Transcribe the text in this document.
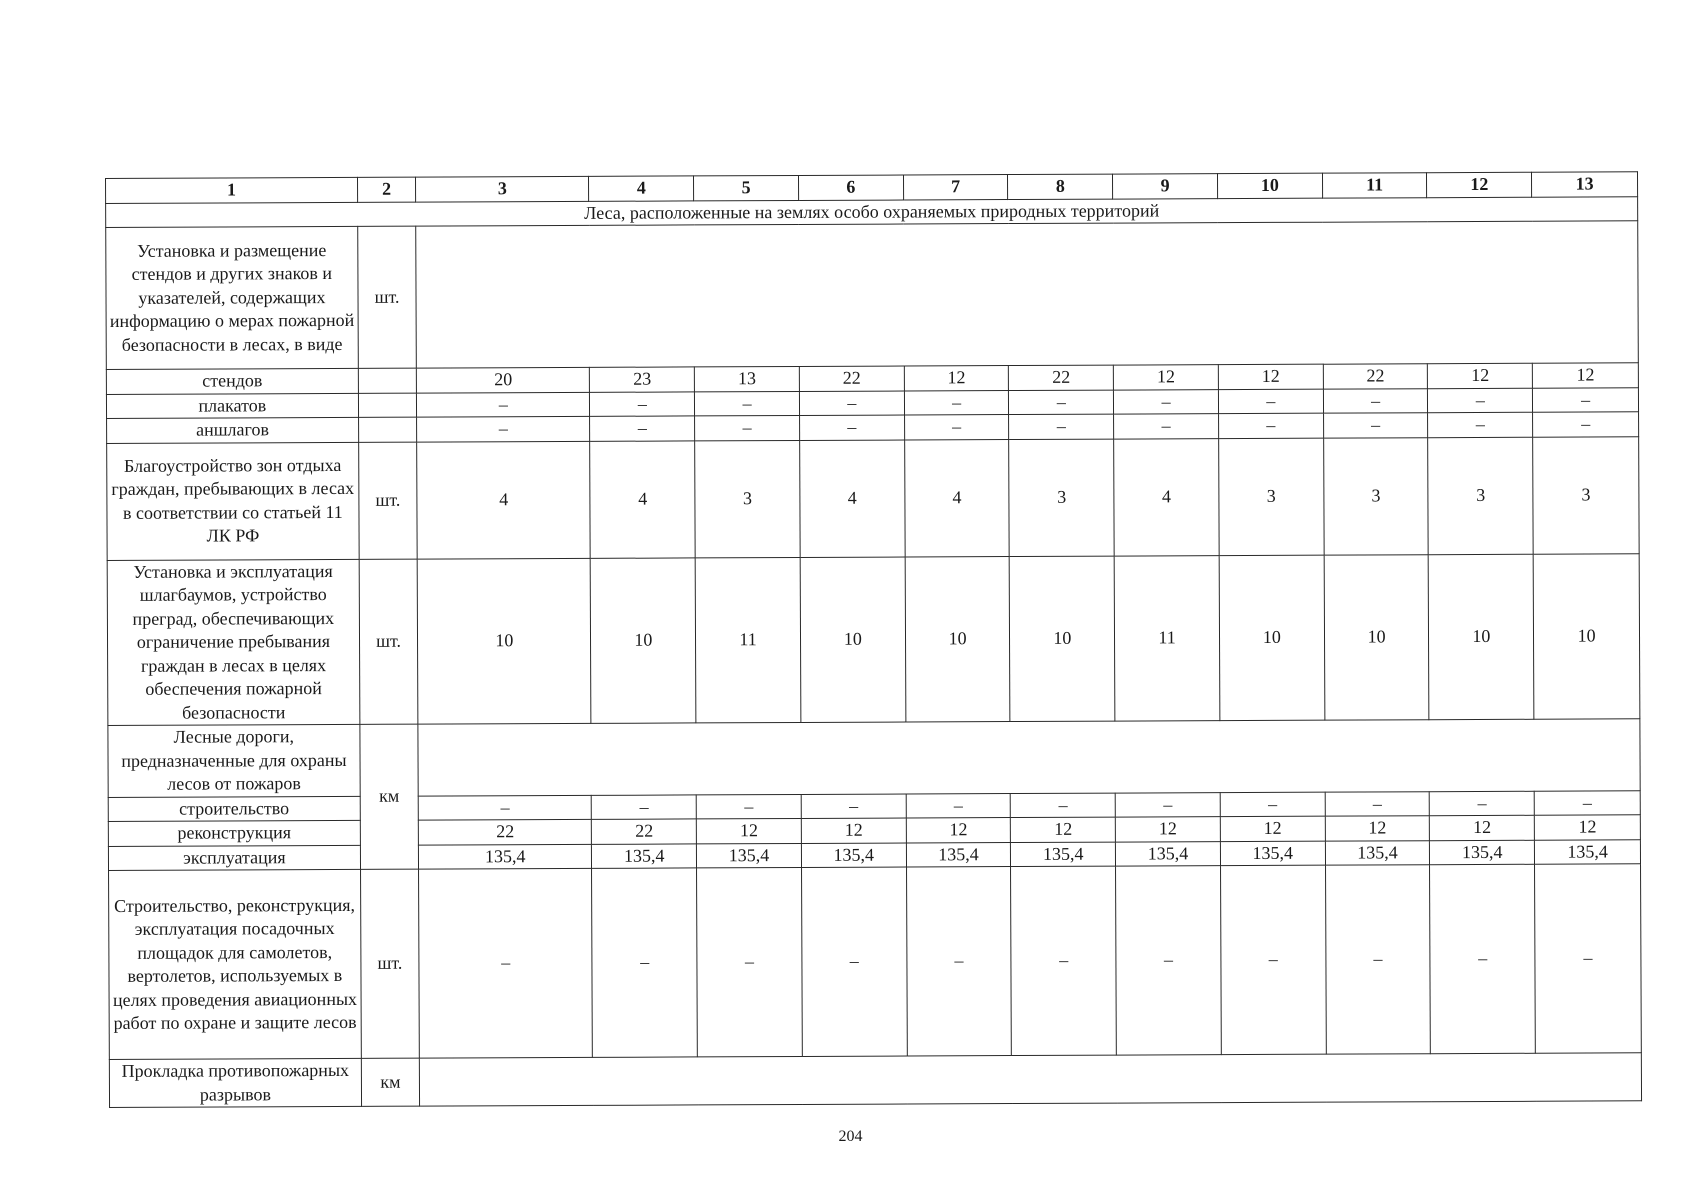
1	2	3	4	5	6	7	8	9	10	11	12	13
Леса, расположенные на землях особо охраняемых природных территорий												
Установка и размещение стендов и других знаков и указателей, содержащих информацию о мерах пожарной безопасности в лесах, в виде	шт.											
стендов		20	23	13	22	12	22	12	12	22	12	12
плакатов		–	–	–	–	–	–	–	–	–	–	–
аншлагов		–	–	–	–	–	–	–	–	–	–	–
Благоустройство зон отдыха граждан, пребывающих в лесах в соответствии со статьей 11 ЛК РФ	шт.	4	4	3	4	4	3	4	3	3	3	3
Установка и эксплуатация шлагбаумов, устройство преград, обеспечивающих ограничение пребывания граждан в лесах в целях обеспечения пожарной безопасности	шт.	10	10	11	10	10	10	11	10	10	10	10
Лесные дороги, предназначенные для охраны лесов от пожаров	км											
строительство		–	–	–	–	–	–	–	–	–	–	–
реконструкция		22	22	12	12	12	12	12	12	12	12	12
эксплуатация		135,4	135,4	135,4	135,4	135,4	135,4	135,4	135,4	135,4	135,4	135,4
Строительство, реконструкция, эксплуатация посадочных площадок для самолетов, вертолетов, используемых в целях проведения авиационных работ по охране и защите лесов	шт.	–	–	–	–	–	–	–	–	–	–	–
Прокладка противопожарных разрывов	км											
204
